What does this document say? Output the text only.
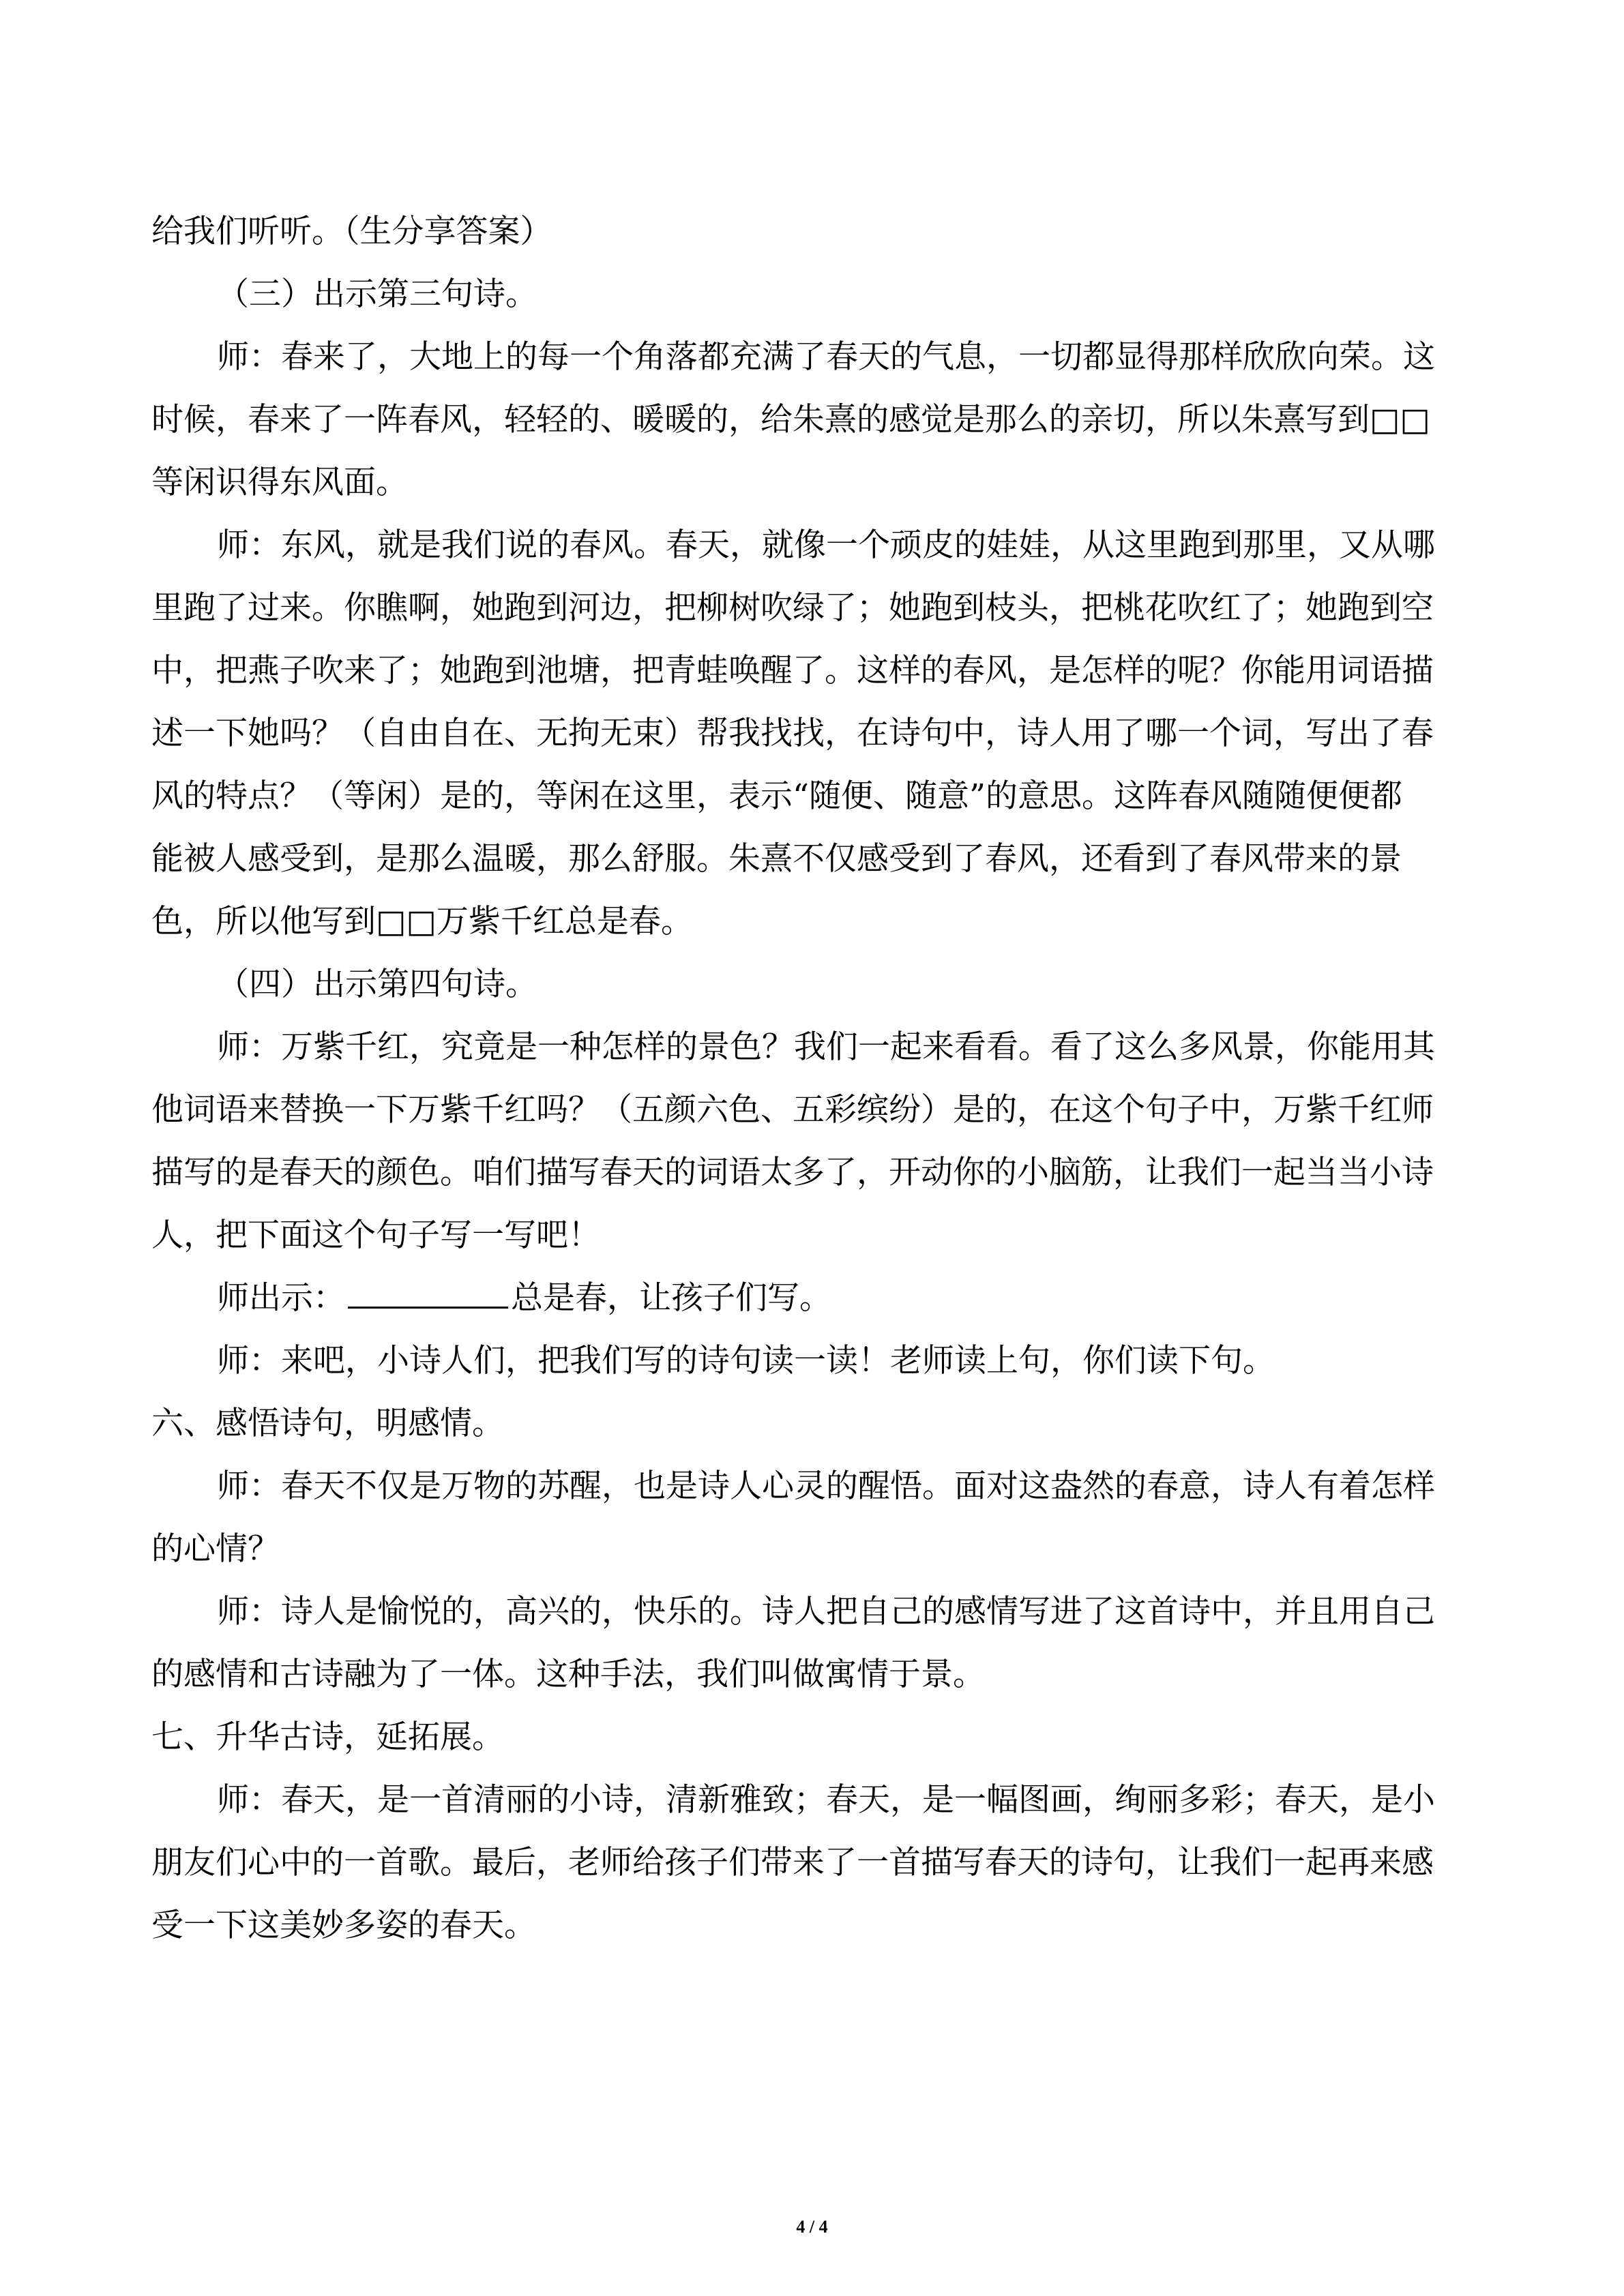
给我们听听。（生分享答案）
（三）出示第三句诗。
师：春来了，大地上的每一个角落都充满了春天的气息，一切都显得那样欣欣向荣。这
时候，春来了一阵春风，轻轻的、暖暖的，给朱熹的感觉是那么的亲切，所以朱熹写到□□
等闲识得东风面。
师：东风，就是我们说的春风。春天，就像一个顽皮的娃娃，从这里跑到那里，又从哪
里跑了过来。你瞧啊，她跑到河边，把柳树吹绿了；她跑到枝头，把桃花吹红了；她跑到空
中，把燕子吹来了；她跑到池塘，把青蛙唤醒了。这样的春风，是怎样的呢？你能用词语描
述一下她吗？（自由自在、无拘无束）帮我找找，在诗句中，诗人用了哪一个词，写出了春
风的特点？（等闲）是的，等闲在这里，表示“随便、随意”的意思。这阵春风随随便便都
能被人感受到，是那么温暖，那么舒服。朱熹不仅感受到了春风，还看到了春风带来的景
色，所以他写到□□万紫千红总是春。
（四）出示第四句诗。
师：万紫千红，究竟是一种怎样的景色？我们一起来看看。看了这么多风景，你能用其
他词语来替换一下万紫千红吗？（五颜六色、五彩缤纷）是的，在这个句子中，万紫千红师
描写的是春天的颜色。咱们描写春天的词语太多了，开动你的小脑筋，让我们一起当当小诗
人，把下面这个句子写一写吧！
师出示：	总是春，让孩子们写。
师：来吧，小诗人们，把我们写的诗句读一读！老师读上句，你们读下句。
六、感悟诗句，明感情。
师：春天不仅是万物的苏醒，也是诗人心灵的醒悟。面对这盎然的春意，诗人有着怎样
的心情？
师：诗人是愉悦的，高兴的，快乐的。诗人把自己的感情写进了这首诗中，并且用自己
的感情和古诗融为了一体。这种手法，我们叫做寓情于景。
七、升华古诗，延拓展。
师：春天，是一首清丽的小诗，清新雅致；春天，是一幅图画，绚丽多彩；春天，是小
朋友们心中的一首歌。最后，老师给孩子们带来了一首描写春天的诗句，让我们一起再来感
受一下这美妙多姿的春天。
4 / 4
